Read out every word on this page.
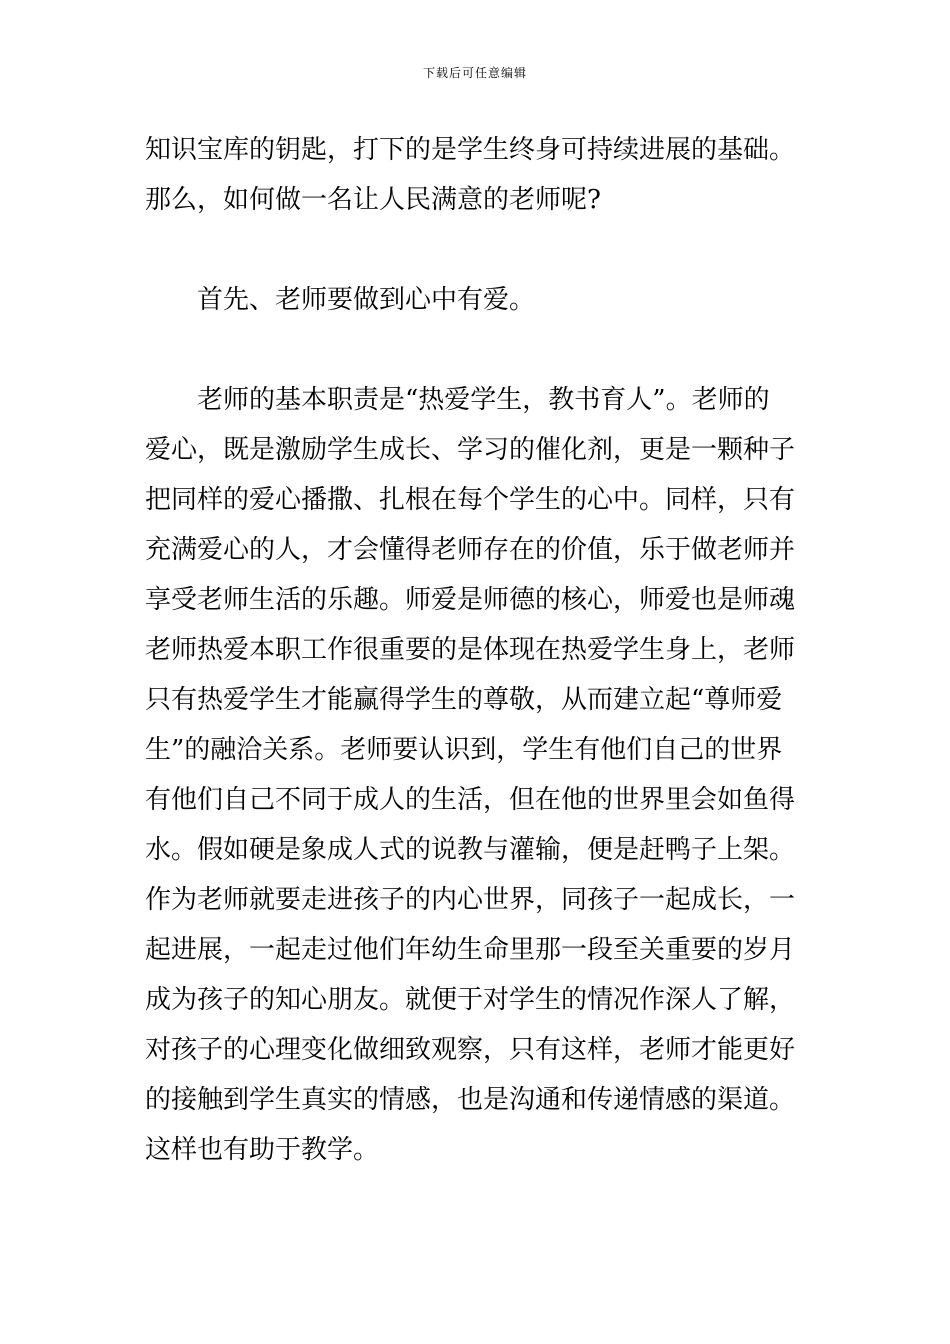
下载后可任意编辑
知识宝库的钥匙，打下的是学生终身可持续进展的基础。
那么，如何做一名让人民满意的老师呢?
　　首先、老师要做到心中有爱。
　　老师的基本职责是“热爱学生，教书育人”。老师的
爱心，既是激励学生成长、学习的催化剂，更是一颗种子
把同样的爱心播撒、扎根在每个学生的心中。同样，只有
充满爱心的人，才会懂得老师存在的价值，乐于做老师并
享受老师生活的乐趣。师爱是师德的核心，师爱也是师魂
老师热爱本职工作很重要的是体现在热爱学生身上，老师
只有热爱学生才能赢得学生的尊敬，从而建立起“尊师爱
生”的融洽关系。老师要认识到，学生有他们自己的世界
有他们自己不同于成人的生活，但在他的世界里会如鱼得
水。假如硬是象成人式的说教与灌输，便是赶鸭子上架。
作为老师就要走进孩子的内心世界，同孩子一起成长，一
起进展，一起走过他们年幼生命里那一段至关重要的岁月
成为孩子的知心朋友。就便于对学生的情况作深人了解，
对孩子的心理变化做细致观察，只有这样，老师才能更好
的接触到学生真实的情感，也是沟通和传递情感的渠道。
这样也有助于教学。
